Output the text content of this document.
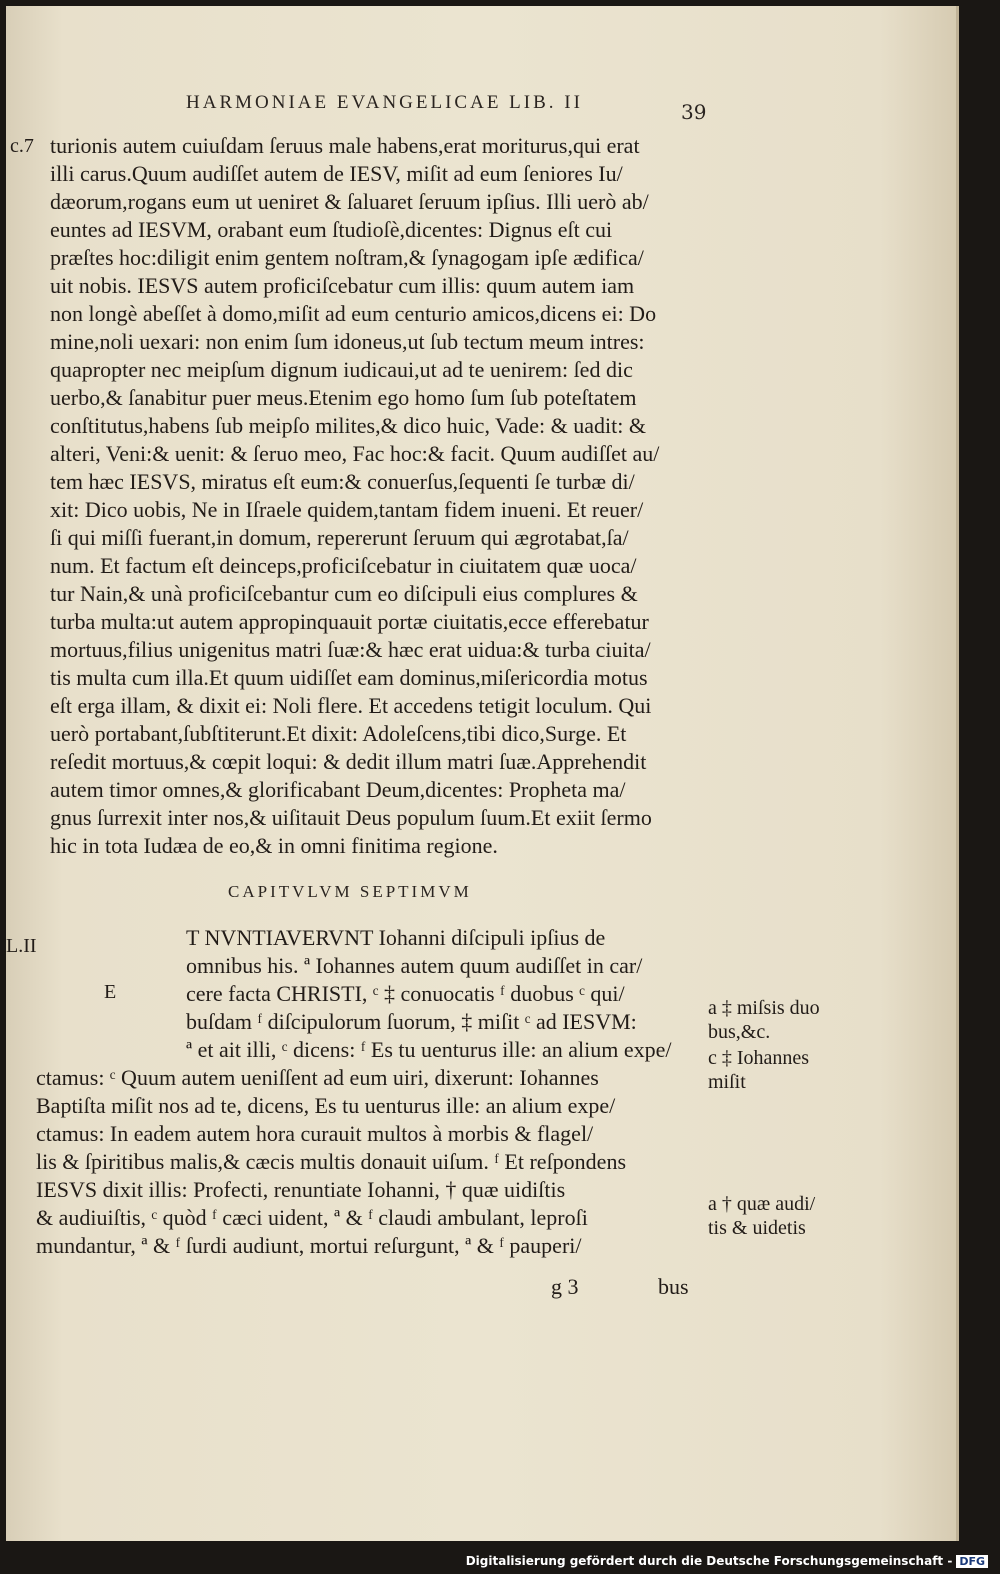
HARMONIAE EVANGELICAE LIB. II	39
c.7
L.II
turionis autem cuiuſdam ſeruus male habens,erat moriturus,qui erat
illi carus.Quum audiſſet autem de IESV, miſit ad eum ſeniores Iu/
dæorum,rogans eum ut ueniret & ſaluaret ſeruum ipſius. Illi uerò ab/
euntes ad IESVM, orabant eum ſtudioſè,dicentes: Dignus eſt cui
præſtes hoc:diligit enim gentem noſtram,& ſynagogam ipſe ædifica/
uit nobis. IESVS autem proficiſcebatur cum illis: quum autem iam
non longè abeſſet à domo,miſit ad eum centurio amicos,dicens ei: Do
mine,noli uexari: non enim ſum idoneus,ut ſub tectum meum intres:
quapropter nec meipſum dignum iudicaui,ut ad te uenirem: ſed dic
uerbo,& ſanabitur puer meus.Etenim ego homo ſum ſub poteſtatem
conſtitutus,habens ſub meipſo milites,& dico huic, Vade: & uadit: &
alteri, Veni:& uenit: & ſeruo meo, Fac hoc:& facit. Quum audiſſet au/
tem hæc IESVS, miratus eſt eum:& conuerſus,ſequenti ſe turbæ di/
xit: Dico uobis, Ne in Iſraele quidem,tantam fidem inueni. Et reuer/
ſi qui miſſi fuerant,in domum, repererunt ſeruum qui ægrotabat,ſa/
num. Et factum eſt deinceps,proficiſcebatur in ciuitatem quæ uoca/
tur Nain,& unà proficiſcebantur cum eo diſcipuli eius complures &
turba multa:ut autem appropinquauit portæ ciuitatis,ecce efferebatur
mortuus,filius unigenitus matri ſuæ:& hæc erat uidua:& turba ciuita/
tis multa cum illa.Et quum uidiſſet eam dominus,miſericordia motus
eſt erga illam, & dixit ei: Noli flere. Et accedens tetigit loculum. Qui
uerò portabant,ſubſtiterunt.Et dixit: Adoleſcens,tibi dico,Surge. Et
reſedit mortuus,& cœpit loqui: & dedit illum matri ſuæ.Apprehendit
autem timor omnes,& glorificabant Deum,dicentes: Propheta ma/
gnus ſurrexit inter nos,& uiſitauit Deus populum ſuum.Et exiit ſermo
hic in tota Iudæa de eo,& in omni finitima regione.
CAPITVLVM SEPTIMVM
E
T NVNTIAVERVNT Iohanni diſcipuli ipſius de
omnibus his. ª Iohannes autem quum audiſſet in car/
cere facta CHRISTI, ᶜ ‡ conuocatis ᶠ duobus ᶜ qui/
buſdam ᶠ diſcipulorum ſuorum, ‡ miſit ᶜ ad IESVM:
ª et ait illi, ᶜ dicens: ᶠ Es tu uenturus ille: an alium expe/
ctamus: ᶜ Quum autem ueniſſent ad eum uiri, dixerunt: Iohannes
Baptiſta miſit nos ad te, dicens, Es tu uenturus ille: an alium expe/
ctamus: In eadem autem hora curauit multos à morbis & flagel/
lis & ſpiritibus malis,& cæcis multis donauit uiſum. ᶠ Et reſpondens
IESVS dixit illis: Profecti, renuntiate Iohanni, † quæ uidiſtis
& audiuiſtis, ᶜ quòd ᶠ cæci uident, ª & ᶠ claudi ambulant, leproſi
mundantur, ª & ᶠ ſurdi audiunt, mortui reſurgunt, ª & ᶠ pauperi/
a ‡ miſsis duo
bus,&c.
c ‡ Iohannes
miſit
a † quæ audi/
tis & uidetis
g 3	bus
Digitalisierung gefördert durch die Deutsche Forschungsgemeinschaft - DFG
